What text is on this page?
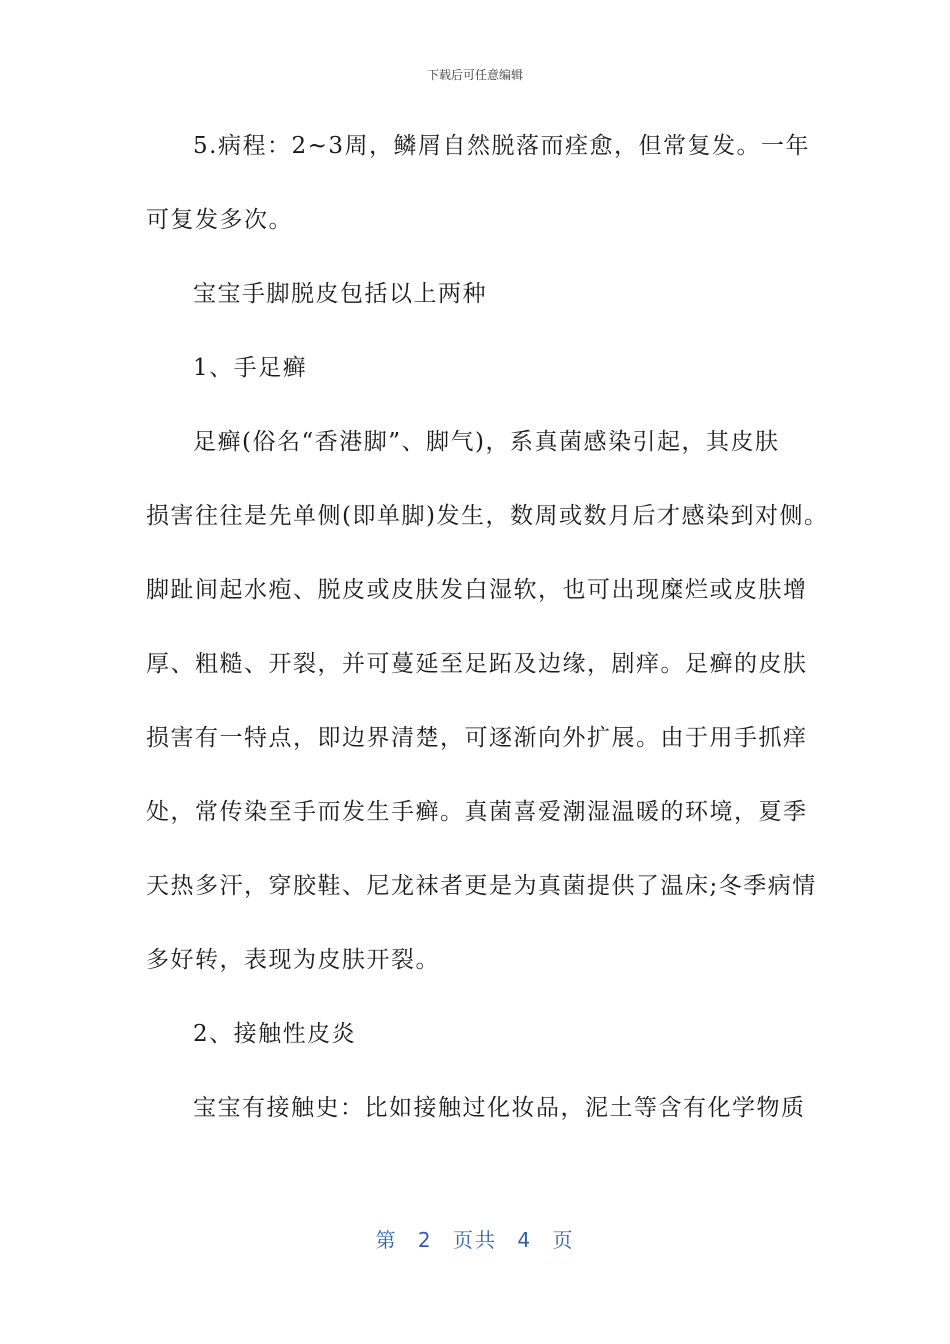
下载后可任意编辑
5.病程：2~3周，鳞屑自然脱落而痊愈，但常复发。一年
可复发多次。
宝宝手脚脱皮包括以上两种
1、手足癣
足癣(俗名“香港脚”、脚气)，系真菌感染引起，其皮肤
损害往往是先单侧(即单脚)发生，数周或数月后才感染到对侧。
脚趾间起水疱、脱皮或皮肤发白湿软，也可出现糜烂或皮肤增
厚、粗糙、开裂，并可蔓延至足跖及边缘，剧痒。足癣的皮肤
损害有一特点，即边界清楚，可逐渐向外扩展。由于用手抓痒
处，常传染至手而发生手癣。真菌喜爱潮湿温暖的环境，夏季
天热多汗，穿胶鞋、尼龙袜者更是为真菌提供了温床;冬季病情
多好转，表现为皮肤开裂。
2、接触性皮炎
宝宝有接触史：比如接触过化妆品，泥土等含有化学物质
第 2 页共 4 页
